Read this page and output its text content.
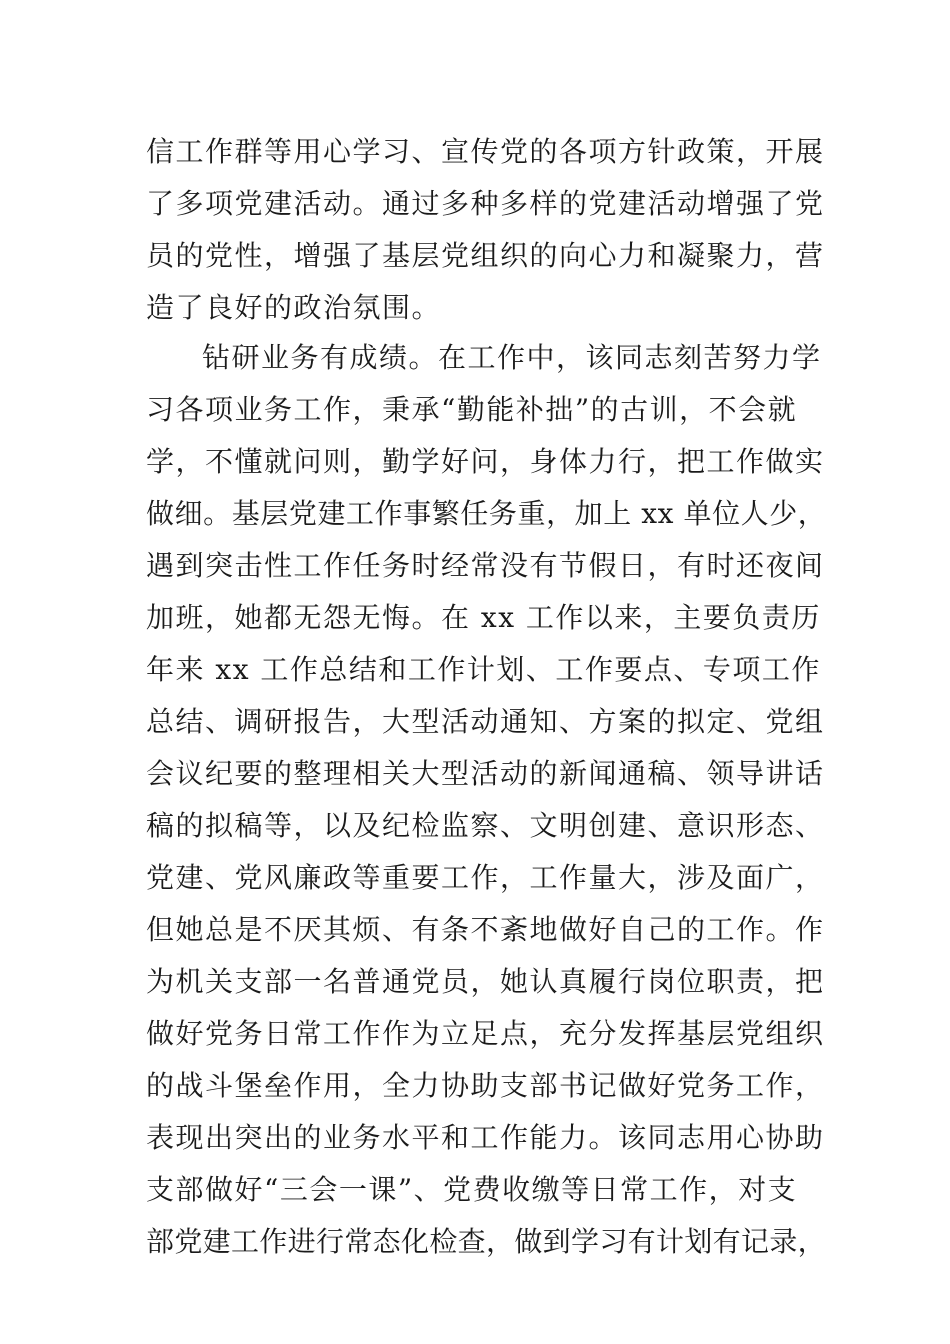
信工作群等用心学习、宣传党的各项方针政策，开展
了多项党建活动。通过多种多样的党建活动增强了党
员的党性，增强了基层党组织的向心力和凝聚力，营
造了良好的政治氛围。
钻研业务有成绩。在工作中，该同志刻苦努力学
习各项业务工作，秉承“勤能补拙”的古训，不会就
学，不懂就问则，勤学好问，身体力行，把工作做实
做细。基层党建工作事繁任务重，加上 xx 单位人少，
遇到突击性工作任务时经常没有节假日，有时还夜间
加班，她都无怨无悔。在 xx 工作以来，主要负责历
年来 xx 工作总结和工作计划、工作要点、专项工作
总结、调研报告，大型活动通知、方案的拟定、党组
会议纪要的整理相关大型活动的新闻通稿、领导讲话
稿的拟稿等，以及纪检监察、文明创建、意识形态、
党建、党风廉政等重要工作，工作量大，涉及面广，
但她总是不厌其烦、有条不紊地做好自己的工作。作
为机关支部一名普通党员，她认真履行岗位职责，把
做好党务日常工作作为立足点，充分发挥基层党组织
的战斗堡垒作用，全力协助支部书记做好党务工作，
表现出突出的业务水平和工作能力。该同志用心协助
支部做好“三会一课”、党费收缴等日常工作，对支
部党建工作进行常态化检查，做到学习有计划有记录，
